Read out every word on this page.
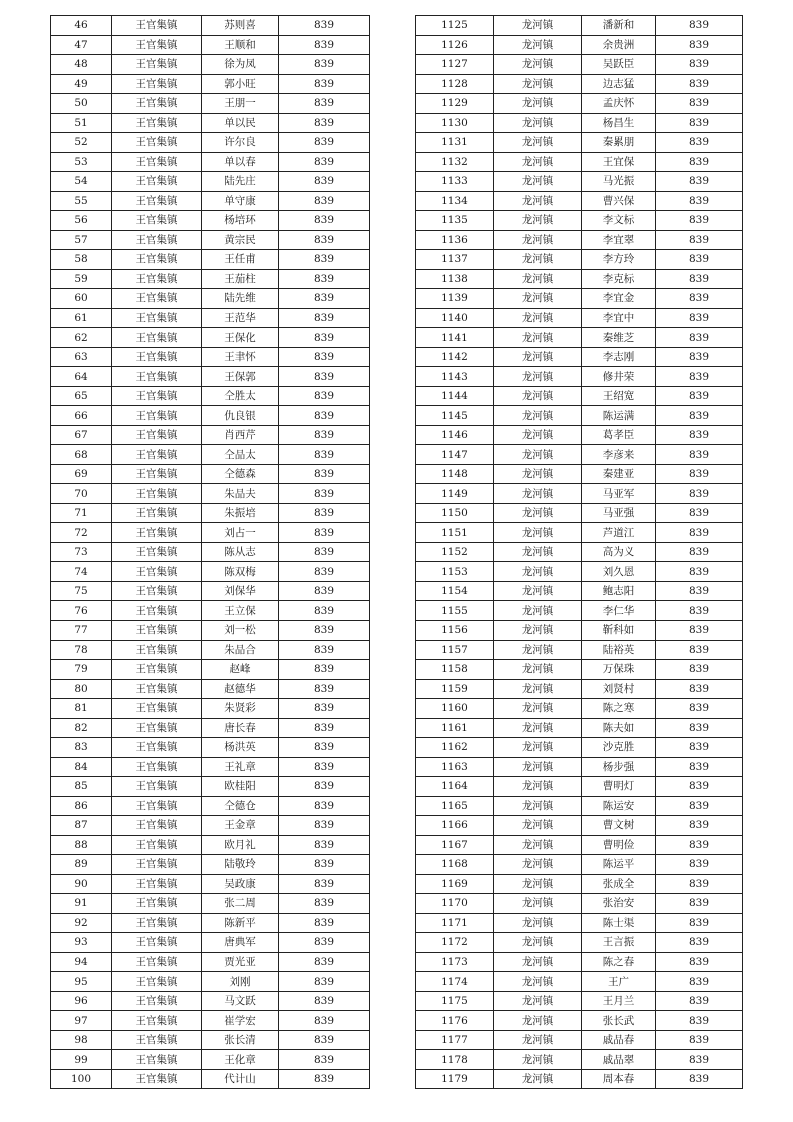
46	王官集镇	苏则喜	839
47	王官集镇	王顺和	839
48	王官集镇	徐为凤	839
49	王官集镇	郭小旺	839
50	王官集镇	王朋一	839
51	王官集镇	单以民	839
52	王官集镇	许尔良	839
53	王官集镇	单以春	839
54	王官集镇	陆先庄	839
55	王官集镇	单守康	839
56	王官集镇	杨培环	839
57	王官集镇	黄宗民	839
58	王官集镇	王任甫	839
59	王官集镇	王茄柱	839
60	王官集镇	陆先维	839
61	王官集镇	王范华	839
62	王官集镇	王保化	839
63	王官集镇	王聿怀	839
64	王官集镇	王保郭	839
65	王官集镇	仝胜太	839
66	王官集镇	仇良银	839
67	王官集镇	肖西芹	839
68	王官集镇	仝品太	839
69	王官集镇	仝德森	839
70	王官集镇	朱品夫	839
71	王官集镇	朱振培	839
72	王官集镇	刘占一	839
73	王官集镇	陈从志	839
74	王官集镇	陈双梅	839
75	王官集镇	刘保华	839
76	王官集镇	王立保	839
77	王官集镇	刘一松	839
78	王官集镇	朱品合	839
79	王官集镇	赵峰	839
80	王官集镇	赵德华	839
81	王官集镇	朱贤彩	839
82	王官集镇	唐长春	839
83	王官集镇	杨洪英	839
84	王官集镇	王礼章	839
85	王官集镇	欧桂阳	839
86	王官集镇	仝德仓	839
87	王官集镇	王金章	839
88	王官集镇	欧月礼	839
89	王官集镇	陆敬玲	839
90	王官集镇	吴政康	839
91	王官集镇	张二周	839
92	王官集镇	陈新平	839
93	王官集镇	唐典军	839
94	王官集镇	贾光亚	839
95	王官集镇	刘刚	839
96	王官集镇	马文跃	839
97	王官集镇	崔学宏	839
98	王官集镇	张长清	839
99	王官集镇	王化章	839
100	王官集镇	代计山	839
1125	龙河镇	潘新和	839
1126	龙河镇	余贵洲	839
1127	龙河镇	吴跃臣	839
1128	龙河镇	边志猛	839
1129	龙河镇	孟庆怀	839
1130	龙河镇	杨昌生	839
1131	龙河镇	秦累朋	839
1132	龙河镇	王宜保	839
1133	龙河镇	马光振	839
1134	龙河镇	曹兴保	839
1135	龙河镇	李文标	839
1136	龙河镇	李宜翠	839
1137	龙河镇	李方玲	839
1138	龙河镇	李克标	839
1139	龙河镇	李宜金	839
1140	龙河镇	李宜中	839
1141	龙河镇	秦维芝	839
1142	龙河镇	李志刚	839
1143	龙河镇	修井荣	839
1144	龙河镇	王绍宽	839
1145	龙河镇	陈运满	839
1146	龙河镇	葛孝臣	839
1147	龙河镇	李彦来	839
1148	龙河镇	秦建亚	839
1149	龙河镇	马亚军	839
1150	龙河镇	马亚强	839
1151	龙河镇	芦道江	839
1152	龙河镇	高为义	839
1153	龙河镇	刘久恩	839
1154	龙河镇	鲍志阳	839
1155	龙河镇	李仁华	839
1156	龙河镇	靳科如	839
1157	龙河镇	陆裕英	839
1158	龙河镇	万保珠	839
1159	龙河镇	刘贤村	839
1160	龙河镇	陈之寒	839
1161	龙河镇	陈夫如	839
1162	龙河镇	沙克胜	839
1163	龙河镇	杨步强	839
1164	龙河镇	曹明灯	839
1165	龙河镇	陈运安	839
1166	龙河镇	曹文树	839
1167	龙河镇	曹明俭	839
1168	龙河镇	陈运平	839
1169	龙河镇	张成全	839
1170	龙河镇	张治安	839
1171	龙河镇	陈士渠	839
1172	龙河镇	王言振	839
1173	龙河镇	陈之春	839
1174	龙河镇	王广	839
1175	龙河镇	王月兰	839
1176	龙河镇	张长武	839
1177	龙河镇	戚品春	839
1178	龙河镇	戚品翠	839
1179	龙河镇	周本春	839
